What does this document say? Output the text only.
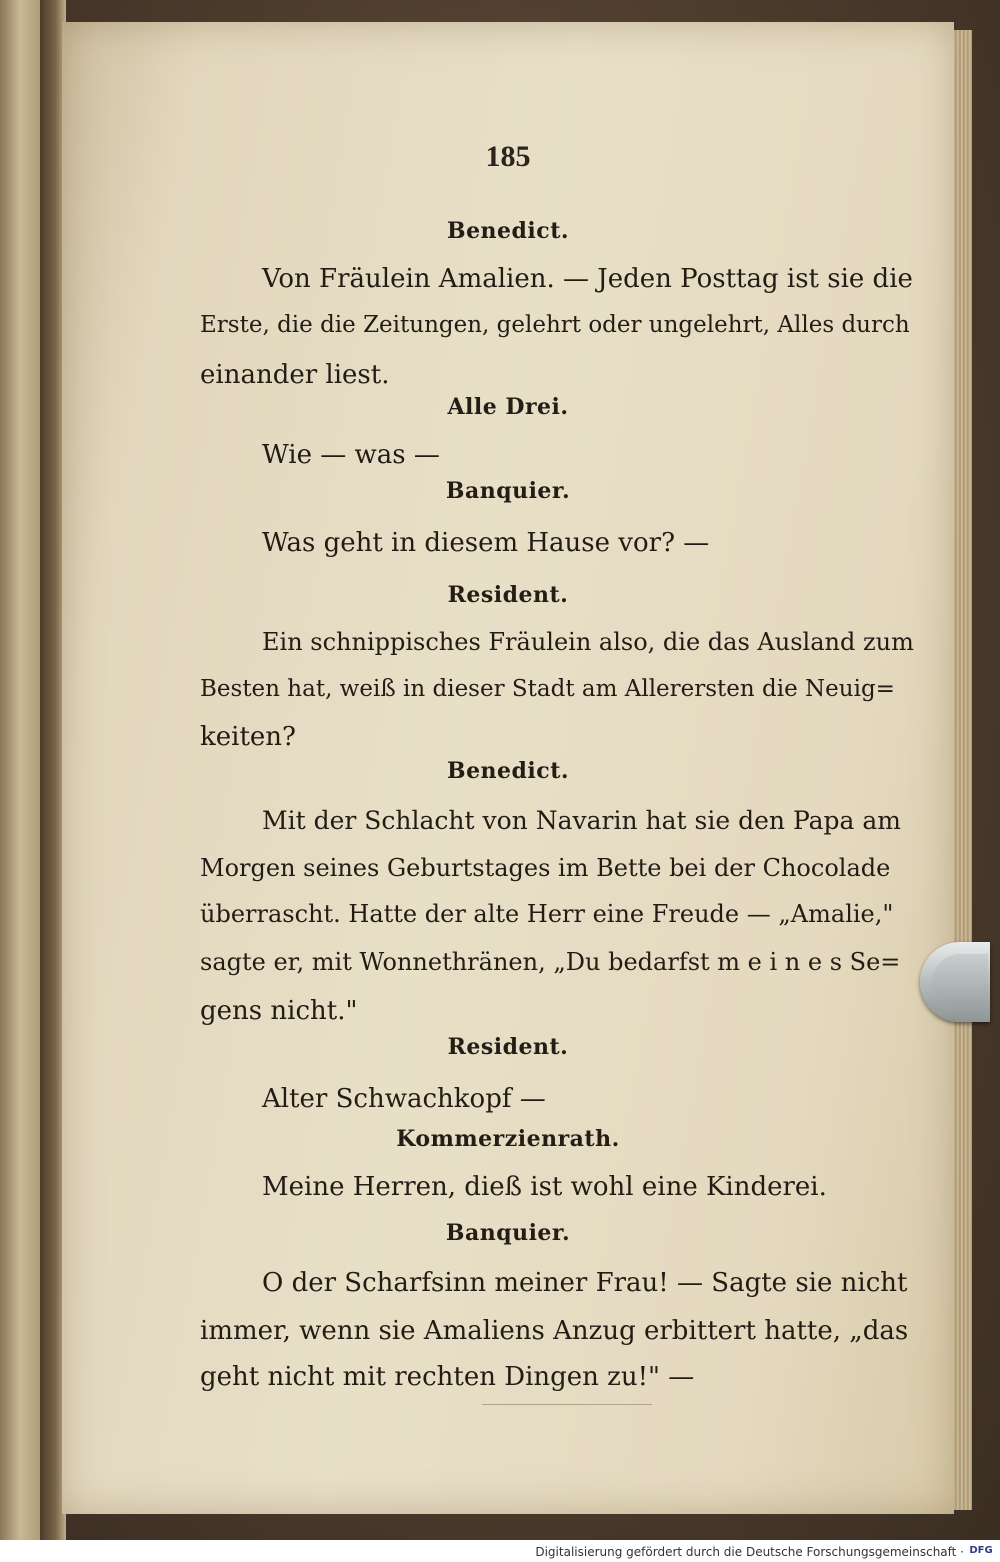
185
Benedict.
Von Fräulein Amalien. — Jeden Posttag ist sie die
Erste, die die Zeitungen, gelehrt oder ungelehrt, Alles durch
einander liest.
Alle Drei.
Wie — was —
Banquier.
Was geht in diesem Hause vor? —
Resident.
Ein schnippisches Fräulein also, die das Ausland zum
Besten hat, weiß in dieser Stadt am Allerersten die Neuig=
keiten?
Benedict.
Mit der Schlacht von Navarin hat sie den Papa am
Morgen seines Geburtstages im Bette bei der Chocolade
überrascht. Hatte der alte Herr eine Freude — „Amalie,"
sagte er, mit Wonnethränen, „Du bedarfst m e i n e s Se=
gens nicht."
Resident.
Alter Schwachkopf —
Kommerzienrath.
Meine Herren, dieß ist wohl eine Kinderei.
Banquier.
O der Scharfsinn meiner Frau! — Sagte sie nicht
immer, wenn sie Amaliens Anzug erbittert hatte, „das
geht nicht mit rechten Dingen zu!" —
Digitalisierung gefördert durch die Deutsche Forschungsgemeinschaft · DFG
